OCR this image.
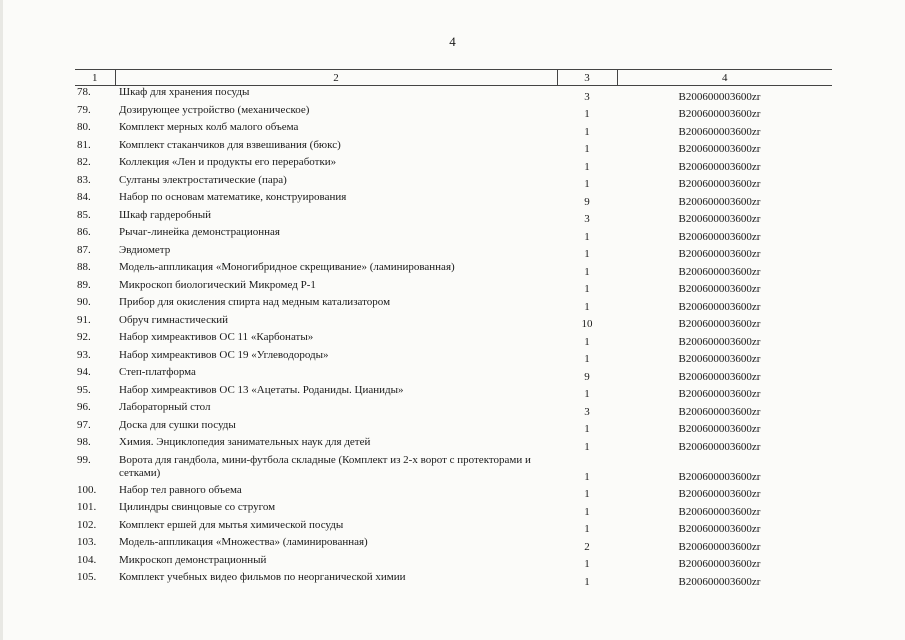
4
1	2	3	4
78.	Шкаф для хранения посуды	3	B200600003600zr
79.	Дозирующее устройство (механическое)	1	B200600003600zr
80.	Комплект мерных колб малого объема	1	B200600003600zr
81.	Комплект стаканчиков для взвешивания (бюкс)	1	B200600003600zr
82.	Коллекция «Лен и продукты его переработки»	1	B200600003600zr
83.	Султаны электростатические (пара)	1	B200600003600zr
84.	Набор по основам математике, конструирования	9	B200600003600zr
85.	Шкаф гардеробный	3	B200600003600zr
86.	Рычаг-линейка демонстрационная	1	B200600003600zr
87.	Эвдиометр	1	B200600003600zr
88.	Модель-аппликация «Моногибридное скрещивание» (ламинированная)	1	B200600003600zr
89.	Микроскоп биологический Микромед Р-1	1	B200600003600zr
90.	Прибор для окисления спирта над медным катализатором	1	B200600003600zr
91.	Обруч гимнастический	10	B200600003600zr
92.	Набор химреактивов ОС 11 «Карбонаты»	1	B200600003600zr
93.	Набор химреактивов ОС 19 «Углеводороды»	1	B200600003600zr
94.	Степ-платформа	9	B200600003600zr
95.	Набор химреактивов ОС 13 «Ацетаты. Роданиды. Цианиды»	1	B200600003600zr
96.	Лабораторный стол	3	B200600003600zr
97.	Доска для сушки посуды	1	B200600003600zr
98.	Химия. Энциклопедия занимательных наук для детей	1	B200600003600zr
99.	Ворота для гандбола, мини-футбола складные (Комплект из 2-х ворот с протекторами и сетками)	1	B200600003600zr
100.	Набор тел равного объема	1	B200600003600zr
101.	Цилиндры свинцовые со стругом	1	B200600003600zr
102.	Комплект ершей для мытья химической посуды	1	B200600003600zr
103.	Модель-аппликация «Множества» (ламинированная)	2	B200600003600zr
104.	Микроскоп демонстрационный	1	B200600003600zr
105.	Комплект учебных видео фильмов по неорганической химии	1	B200600003600zr
